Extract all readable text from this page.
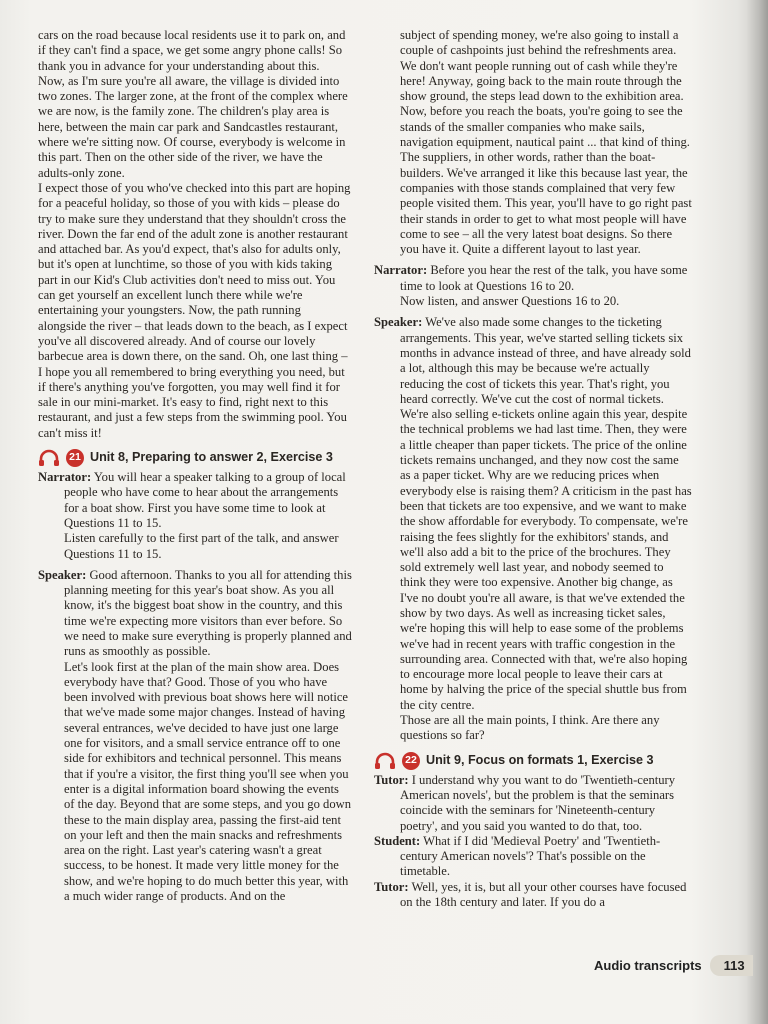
cars on the road because local residents use it to park on, and if they can't find a space, we get some angry phone calls! So thank you in advance for your understanding about this.

Now, as I'm sure you're all aware, the village is divided into two zones. The larger zone, at the front of the complex where we are now, is the family zone. The children's play area is here, between the main car park and Sandcastles restaurant, where we're sitting now. Of course, everybody is welcome in this part. Then on the other side of the river, we have the adults-only zone.

I expect those of you who've checked into this part are hoping for a peaceful holiday, so those of you with kids – please do try to make sure they understand that they shouldn't cross the river. Down the far end of the adult zone is another restaurant and attached bar. As you'd expect, that's also for adults only, but it's open at lunchtime, so those of you with kids taking part in our Kid's Club activities don't need to miss out. You can get yourself an excellent lunch there while we're entertaining your youngsters. Now, the path running alongside the river – that leads down to the beach, as I expect you've all discovered already. And of course our lovely barbecue area is down there, on the sand. Oh, one last thing – I hope you all remembered to bring everything you need, but if there's anything you've forgotten, you may well find it for sale in our mini-market. It's easy to find, right next to this restaurant, and just a few steps from the swimming pool. You can't miss it!

21 Unit 8, Preparing to answer 2, Exercise 3

Narrator: You will hear a speaker talking to a group of local people who have come to hear about the arrangements for a boat show. First you have some time to look at Questions 11 to 15.

Listen carefully to the first part of the talk, and answer Questions 11 to 15.

Speaker: Good afternoon. Thanks to you all for attending this planning meeting for this year's boat show. As you all know, it's the biggest boat show in the country, and this time we're expecting more visitors than ever before. So we need to make sure everything is properly planned and runs as smoothly as possible.

Let's look first at the plan of the main show area. Does everybody have that? Good. Those of you who have been involved with previous boat shows here will notice that we've made some major changes. Instead of having several entrances, we've decided to have just one large one for visitors, and a small service entrance off to one side for exhibitors and technical personnel. This means that if you're a visitor, the first thing you'll see when you enter is a digital information board showing the events of the day. Beyond that are some steps, and you go down these to the main display area, passing the first-aid tent on your left and then the main snacks and refreshments area on the right. Last year's catering wasn't a great success, to be honest. It made very little money for the show, and we're hoping to do much better this year, with a much wider range of products. And on the

subject of spending money, we're also going to install a couple of cashpoints just behind the refreshments area. We don't want people running out of cash while they're here! Anyway, going back to the main route through the show ground, the steps lead down to the exhibition area. Now, before you reach the boats, you're going to see the stands of the smaller companies who make sails, navigation equipment, nautical paint ... that kind of thing. The suppliers, in other words, rather than the boat-builders. We've arranged it like this because last year, the companies with those stands complained that very few people visited them. This year, you'll have to go right past their stands in order to get to what most people will have come to see – all the very latest boat designs. So there you have it. Quite a different layout to last year.

Narrator: Before you hear the rest of the talk, you have some time to look at Questions 16 to 20.

Now listen, and answer Questions 16 to 20.

Speaker: We've also made some changes to the ticketing arrangements. This year, we've started selling tickets six months in advance instead of three, and have already sold a lot, although this may be because we're actually reducing the cost of tickets this year. That's right, you heard correctly. We've cut the cost of normal tickets. We're also selling e-tickets online again this year, despite the technical problems we had last time. Then, they were a little cheaper than paper tickets. The price of the online tickets remains unchanged, and they now cost the same as a paper ticket. Why are we reducing prices when everybody else is raising them? A criticism in the past has been that tickets are too expensive, and we want to make the show affordable for everybody. To compensate, we're raising the fees slightly for the exhibitors' stands, and we'll also add a bit to the price of the brochures. They sold extremely well last year, and nobody seemed to think they were too expensive. Another big change, as I've no doubt you're all aware, is that we've extended the show by two days. As well as increasing ticket sales, we're hoping this will help to ease some of the problems we've had in recent years with traffic congestion in the surrounding area. Connected with that, we're also hoping to encourage more local people to leave their cars at home by halving the price of the special shuttle bus from the city centre.

Those are all the main points, I think. Are there any questions so far?

22 Unit 9, Focus on formats 1, Exercise 3

Tutor: I understand why you want to do 'Twentieth-century American novels', but the problem is that the seminars coincide with the seminars for 'Nineteenth-century poetry', and you said you wanted to do that, too.

Student: What if I did 'Medieval Poetry' and 'Twentieth-century American novels'? That's possible on the timetable.

Tutor: Well, yes, it is, but all your other courses have focused on the 18th century and later. If you do a

Audio transcripts	113
